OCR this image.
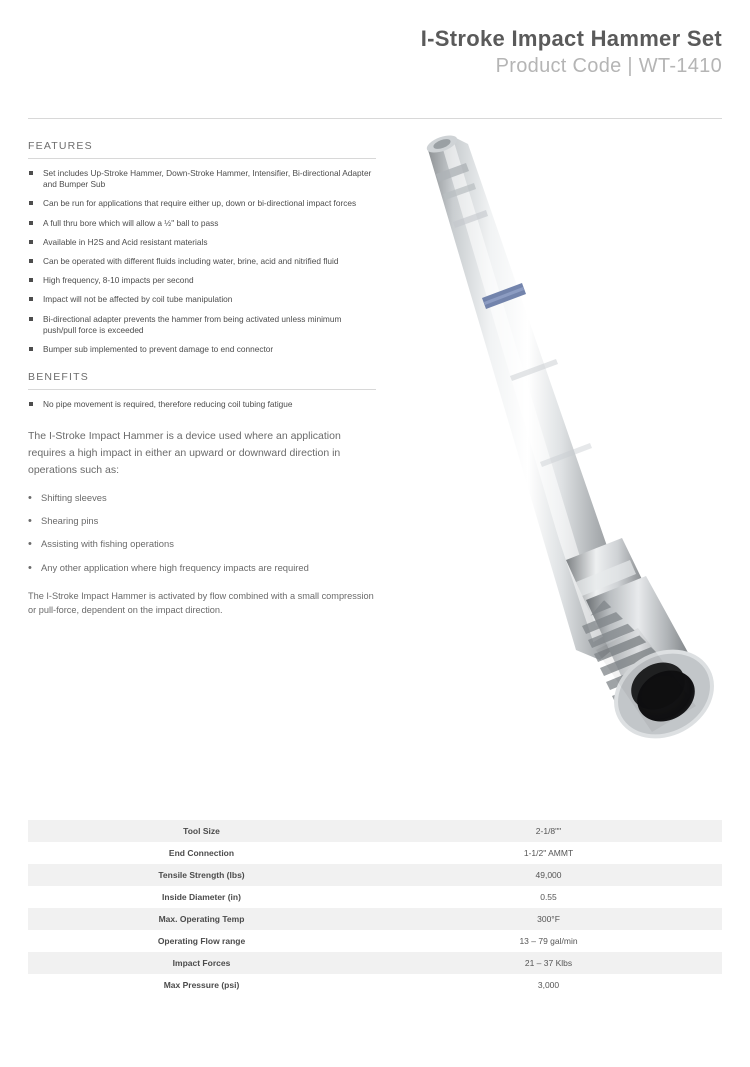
I-Stroke Impact Hammer Set
Product Code | WT-1410
FEATURES
Set includes Up-Stroke Hammer, Down-Stroke Hammer, Intensifier, Bi-directional Adapter and Bumper Sub
Can be run for applications that require either up, down or bi-directional impact forces
A full thru bore which will allow a ½" ball to pass
Available in H2S and Acid resistant materials
Can be operated with different fluids including water, brine, acid and nitrified fluid
High frequency, 8-10 impacts per second
Impact will not be affected by coil tube manipulation
Bi-directional adapter prevents the hammer from being activated unless minimum push/pull force is exceeded
Bumper sub implemented to prevent damage to end connector
BENEFITS
No pipe movement is required, therefore reducing coil tubing fatigue

The I-Stroke Impact Hammer is a device used where an application requires a high impact in either an upward or downward direction in operations such as:

• Shifting sleeves
• Shearing pins
• Assisting with fishing operations
• Any other application where high frequency impacts are required

The I-Stroke Impact Hammer is activated by flow combined with a small compression or pull-force, dependent on the impact direction.

Tool Size	2-1/8""
End Connection	1-1/2" AMMT
Tensile Strength (lbs)	49,000
Inside Diameter (in)	0.55
Max. Operating Temp	300°F
Operating Flow range	13 – 79 gal/min
Impact Forces	21 – 37 Klbs
Max Pressure (psi)	3,000
